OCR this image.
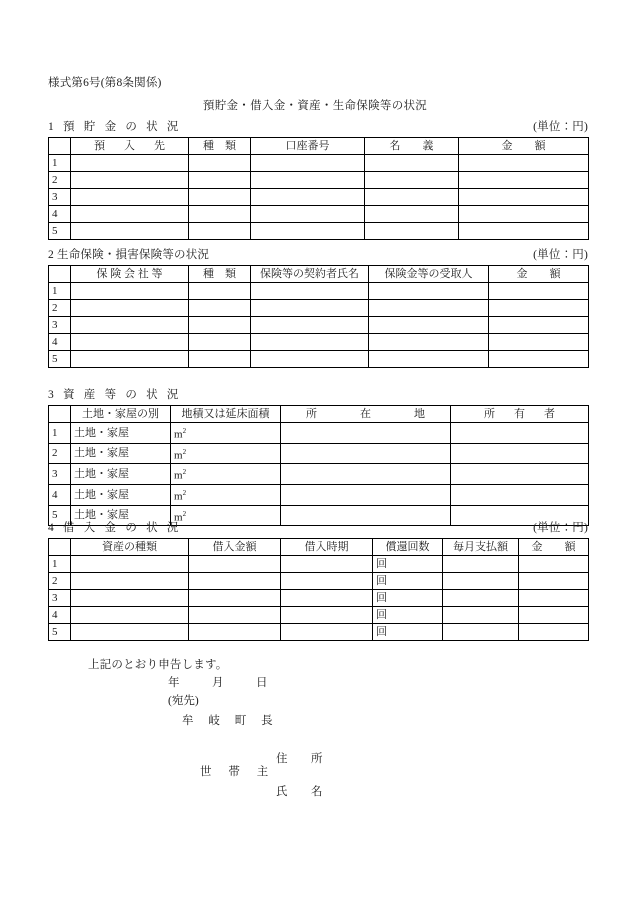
様式第6号(第8条関係)
預貯金・借入金・資産・生命保険等の状況
1 預 貯 金 の 状 況	(単位：円)
	預　入　先	種　類	口座番号	名　　義	金　　額
1					
2					
3					
4					
5					
2 生命保険・損害保険等の状況	(単位：円)
	保 険 会 社 等	種　類	保険等の契約者氏名	保険金等の受取人	金　　額
1					
2					
3					
4					
5					
3 資 産 等 の 状 況
	土地・家屋の別	地積又は延床面積	所　　在　　地	所　有　者
1	土地・家屋	$m^2$		
2	土地・家屋	$m^2$		
3	土地・家屋	$m^2$		
4	土地・家屋	$m^2$		
5	土地・家屋	$m^2$		
4 借 入 金 の 状 況	(単位：円)
	資産の種類	借入金額	借入時期	償還回数	毎月支払額	金　　額
1				回		
2				回		
3				回		
4				回		
5				回		
上記のとおり申告します。
年	月	日
(宛先)
牟 岐 町 長
住　所
世 帯 主
氏　名
